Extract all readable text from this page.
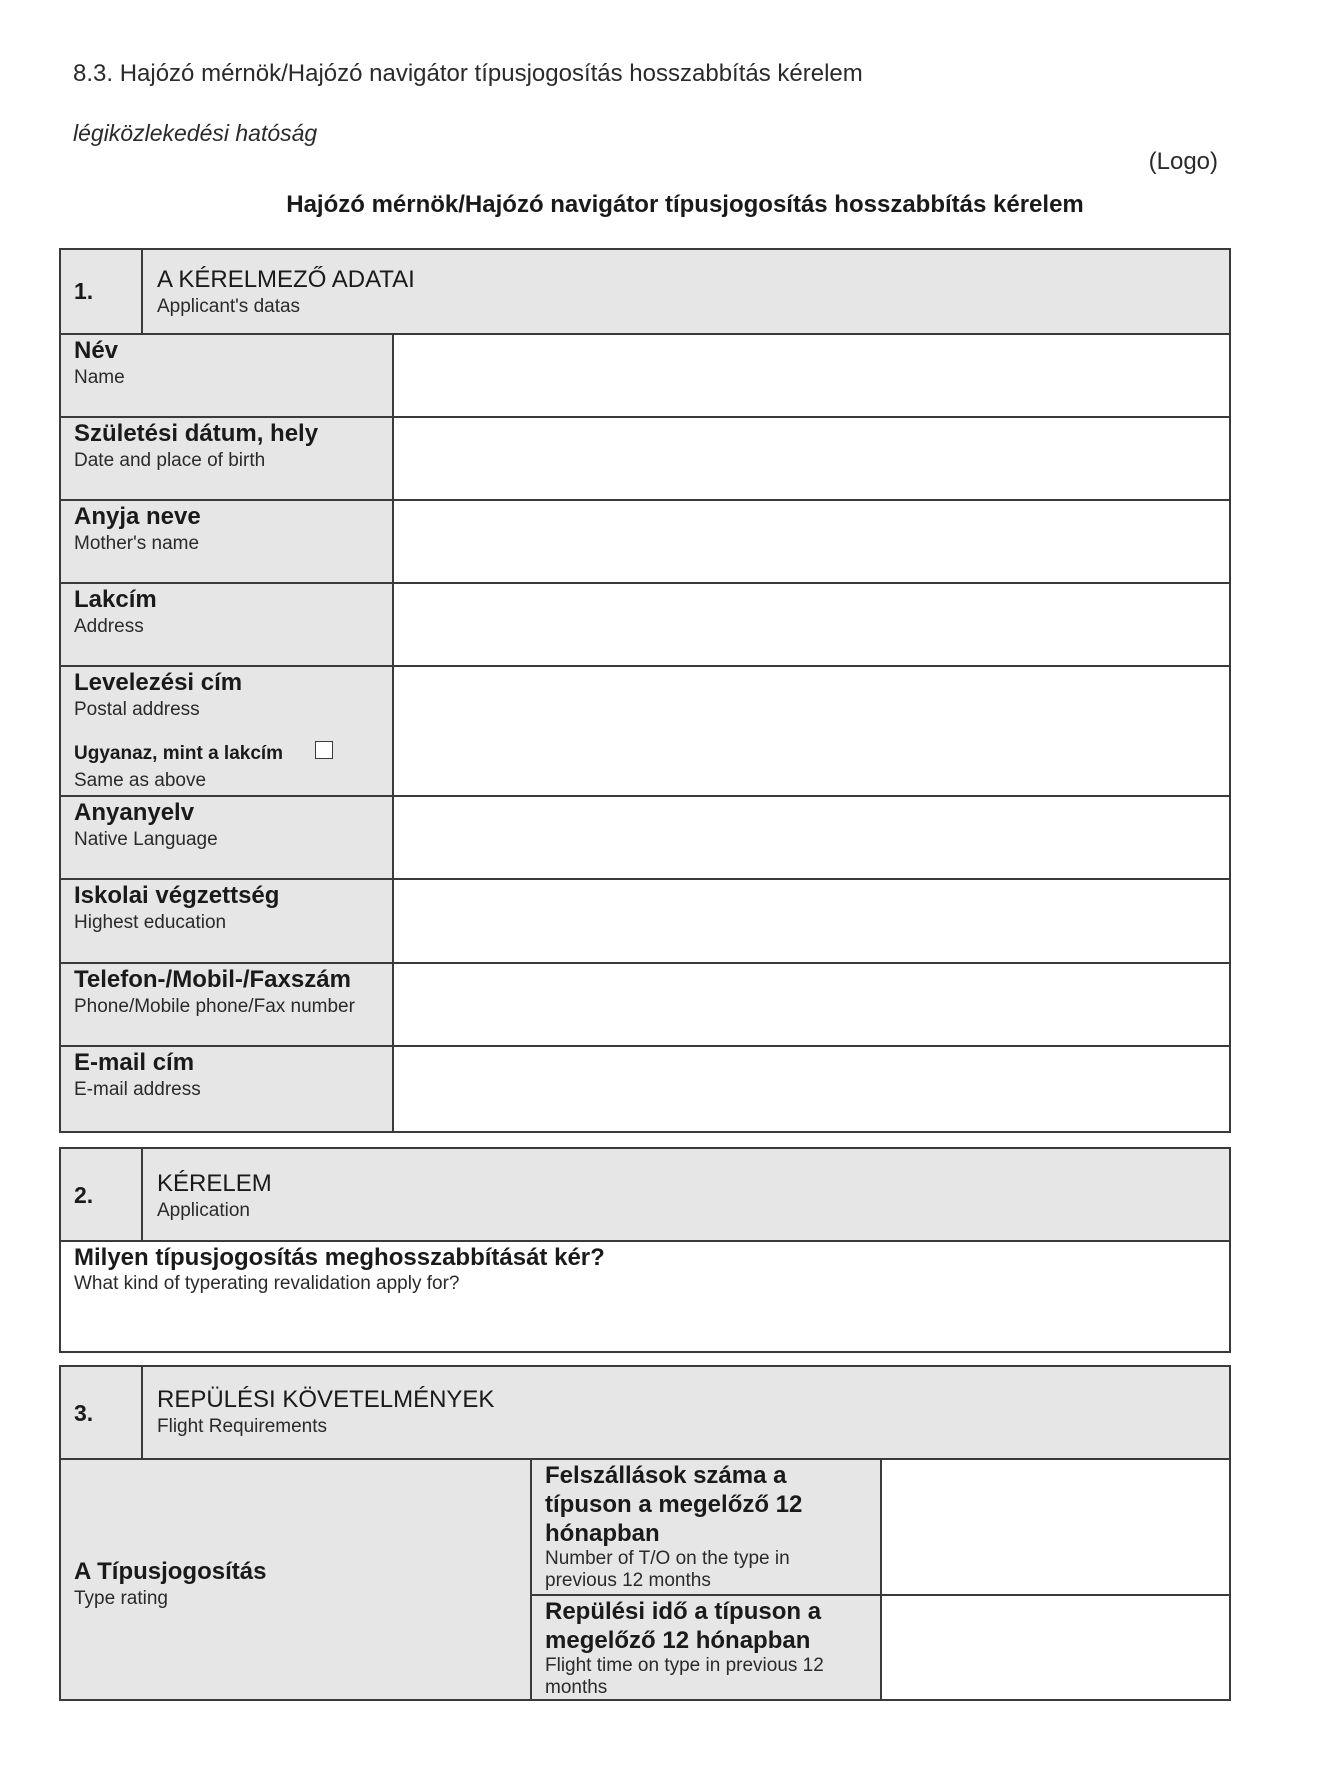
8.3. Hajózó mérnök/Hajózó navigátor típusjogosítás hosszabbítás kérelem
légiközlekedési hatóság
(Logo)
Hajózó mérnök/Hajózó navigátor típusjogosítás hosszabbítás kérelem
1.	A KÉRELMEZŐ ADATAI
Applicant's datas
Név
Name
Születési dátum, hely
Date and place of birth
Anyja neve
Mother's name
Lakcím
Address
Levelezési cím
Postal address
Ugyanaz, mint a lakcím
Same as above
Anyanyelv
Native Language
Iskolai végzettség
Highest education
Telefon-/Mobil-/Faxszám
Phone/Mobile phone/Fax number
E-mail cím
E-mail address
2.	KÉRELEM
Application
Milyen típusjogosítás meghosszabbítását kér?
What kind of typerating revalidation apply for?
3.	REPÜLÉSI KÖVETELMÉNYEK
Flight Requirements
A Típusjogosítás
Type rating
Felszállások száma a típuson a megelőző 12 hónapban
Number of T/O on the type in previous 12 months
Repülési idő a típuson a megelőző 12 hónapban
Flight time on type in previous 12 months
